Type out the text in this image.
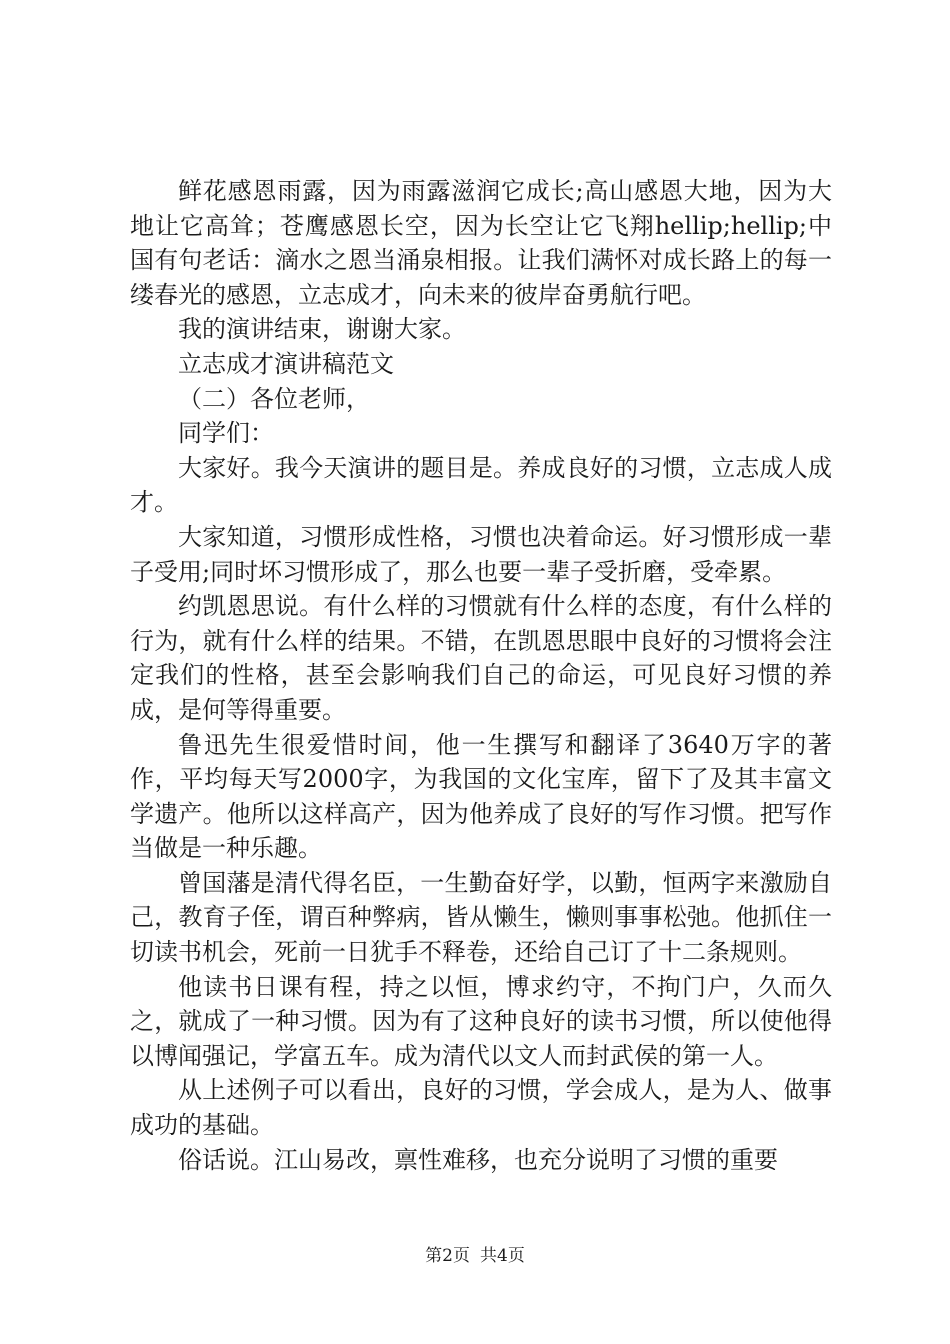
鲜花感恩雨露，因为雨露滋润它成长;高山感恩大地，因为大地让它高耸；苍鹰感恩长空，因为长空让它飞翔hellip;hellip;中国有句老话：滴水之恩当涌泉相报。让我们满怀对成长路上的每一缕春光的感恩，立志成才，向未来的彼岸奋勇航行吧。

我的演讲结束，谢谢大家。

立志成才演讲稿范文

（二）各位老师，

同学们：

大家好。我今天演讲的题目是。养成良好的习惯，立志成人成才。

大家知道，习惯形成性格，习惯也决着命运。好习惯形成一辈子受用;同时坏习惯形成了，那么也要一辈子受折磨，受牵累。

约凯恩思说。有什么样的习惯就有什么样的态度，有什么样的行为，就有什么样的结果。不错，在凯恩思眼中良好的习惯将会注定我们的性格，甚至会影响我们自己的命运，可见良好习惯的养成，是何等得重要。

鲁迅先生很爱惜时间，他一生撰写和翻译了3640万字的著作，平均每天写2000字，为我国的文化宝库，留下了及其丰富文学遗产。他所以这样高产，因为他养成了良好的写作习惯。把写作当做是一种乐趣。

曾国藩是清代得名臣，一生勤奋好学，以勤，恒两字来激励自己，教育子侄，谓百种弊病，皆从懒生，懒则事事松弛。他抓住一切读书机会，死前一日犹手不释卷，还给自己订了十二条规则。

他读书日课有程，持之以恒，博求约守，不拘门户，久而久之，就成了一种习惯。因为有了这种良好的读书习惯，所以使他得以博闻强记，学富五车。成为清代以文人而封武侯的第一人。

从上述例子可以看出，良好的习惯，学会成人，是为人、做事成功的基础。

俗话说。江山易改，禀性难移，也充分说明了习惯的重要

第2页 共4页
